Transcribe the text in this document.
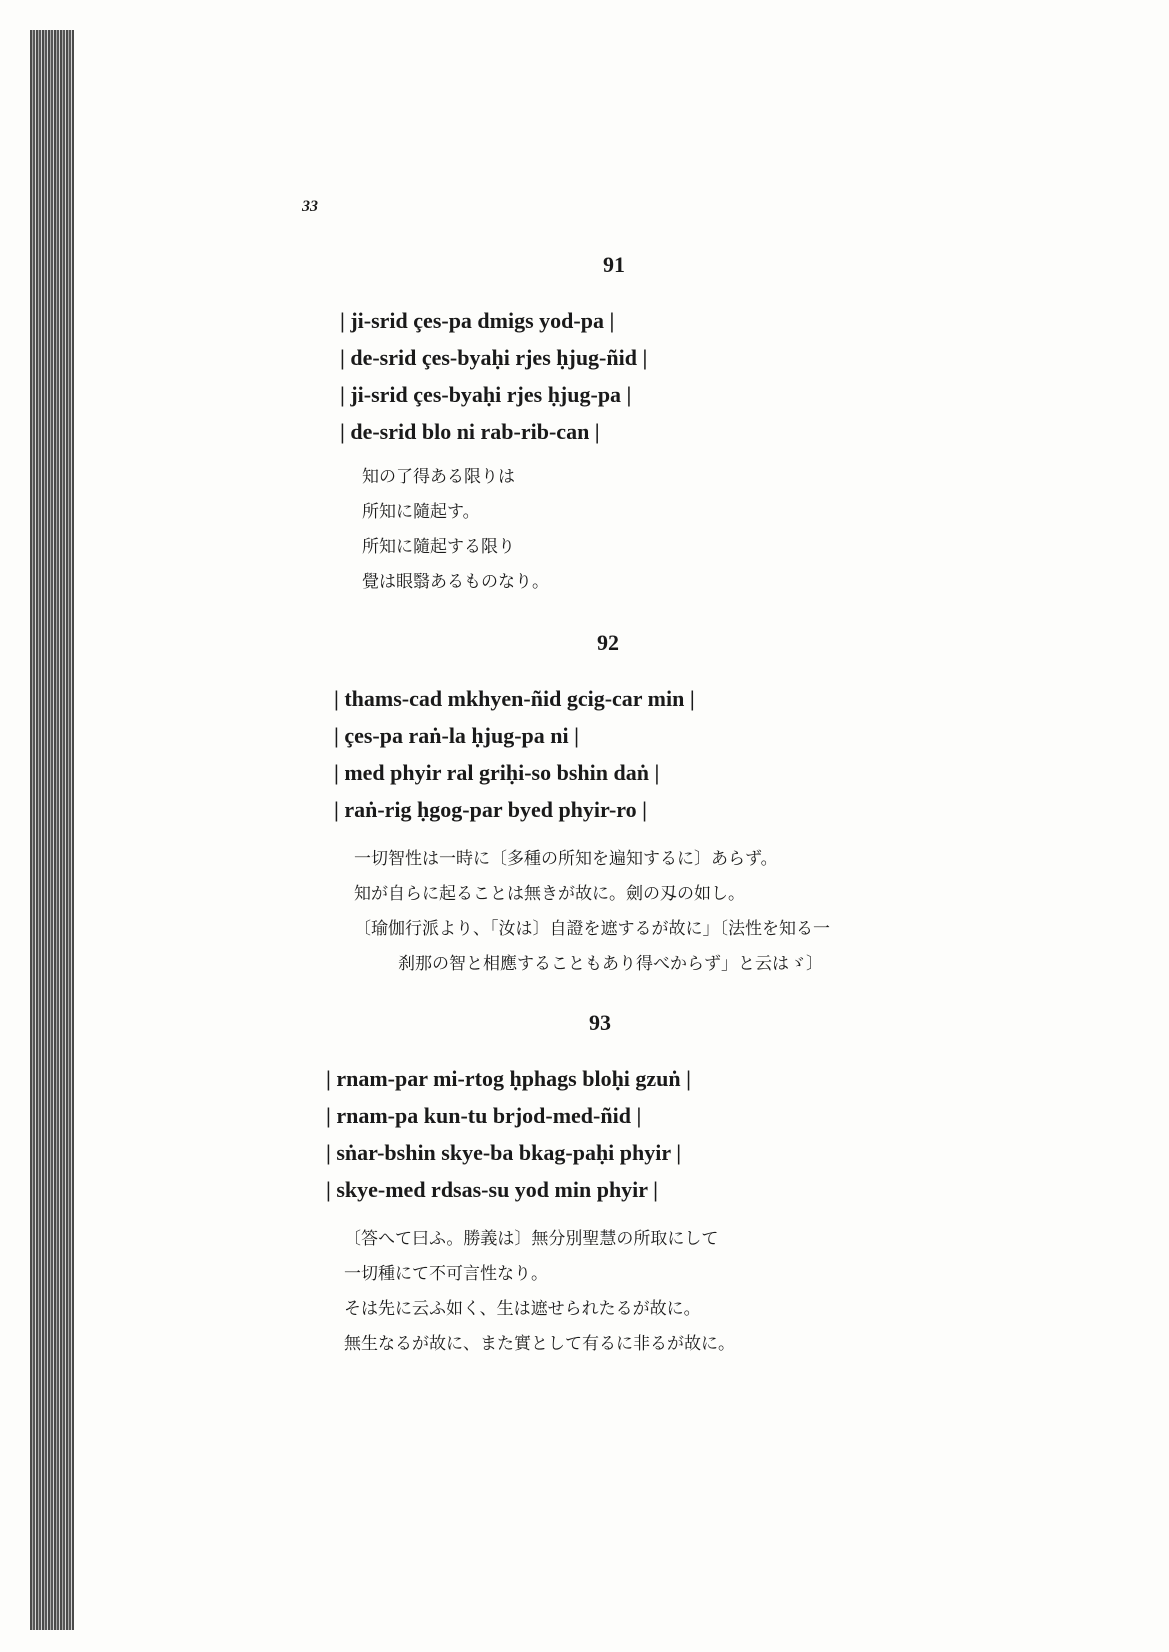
33
91
| ji-srid çes-pa dmigs yod-pa |
| de-srid çes-byaḥi rjes ḥjug-ñid |
| ji-srid çes-byaḥi rjes ḥjug-pa |
| de-srid blo ni rab-rib-can |
知の了得ある限りは
所知に隨起す。
所知に隨起する限り
覺は眼翳あるものなり。
92
| thams-cad mkhyen-ñid gcig-car min |
| çes-pa raṅ-la ḥjug-pa ni |
| med phyir ral griḥi-so bshin daṅ |
| raṅ-rig ḥgog-par byed phyir-ro |
一切智性は一時に〔多種の所知を遍知するに〕あらず。
知が自らに起ることは無きが故に。劍の刄の如し。
〔瑜伽行派より、「汝は〕自證を遮するが故に」〔法性を知る一
刹那の智と相應することもあり得べからず」と云はゞ〕
93
| rnam-par mi-rtog ḥphags bloḥi gzuṅ |
| rnam-pa kun-tu brjod-med-ñid |
| sṅar-bshin skye-ba bkag-paḥi phyir |
| skye-med rdsas-su yod min phyir |
〔答へて曰ふ。勝義は〕無分別聖慧の所取にして
一切種にて不可言性なり。
そは先に云ふ如く、生は遮せられたるが故に。
無生なるが故に、また實として有るに非るが故に。
